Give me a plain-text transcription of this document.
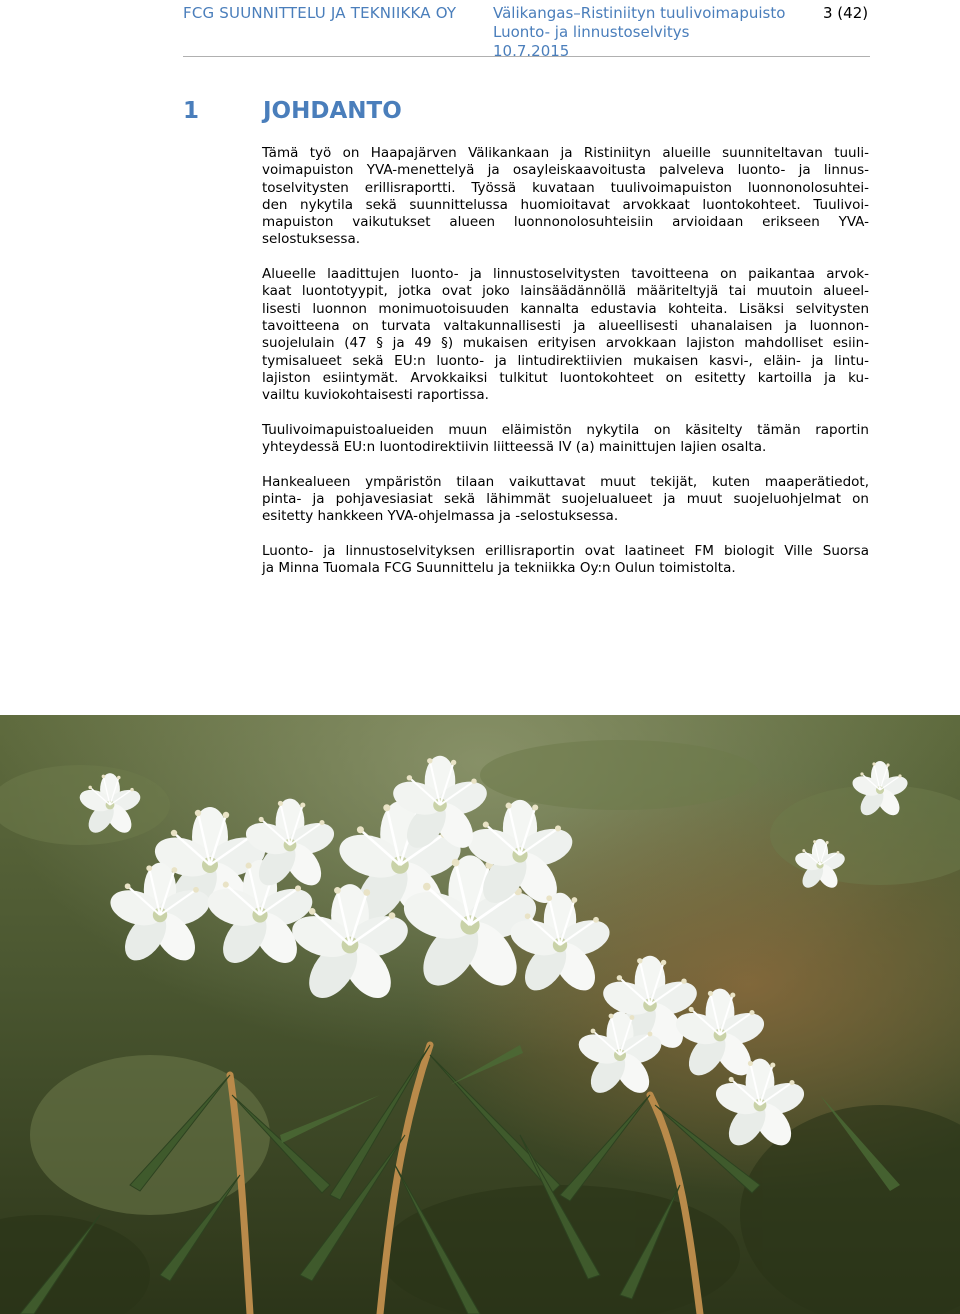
FCG SUUNNITTELU JA TEKNIIKKA OY Välikangas–Ristiniityn tuulivoimapuisto
Luonto- ja linnustoselvitys
10.7.2015
3 (42)
1	JOHDANTO

Tämä työ on Haapajärven Välikankaan ja Ristiniityn alueille suunniteltavan tuuli-
voimapuiston YVA-menettelyä ja osayleiskaavoitusta palveleva luonto- ja linnus-
toselvitysten erillisraportti. Työssä kuvataan tuulivoimapuiston luonnonolosuhtei-
den nykytila sekä suunnittelussa huomioitavat arvokkaat luontokohteet. Tuulivoi-
mapuiston vaikutukset alueen luonnonolosuhteisiin arvioidaan erikseen YVA-
selostuksessa.

Alueelle laadittujen luonto- ja linnustoselvitysten tavoitteena on paikantaa arvok-
kaat luontotyypit, jotka ovat joko lainsäädännöllä määriteltyjä tai muutoin alueel-
lisesti luonnon monimuotoisuuden kannalta edustavia kohteita. Lisäksi selvitysten
tavoitteena on turvata valtakunnallisesti ja alueellisesti uhanalaisen ja luonnon-
suojelulain (47 § ja 49 §) mukaisen erityisen arvokkaan lajiston mahdolliset esiin-
tymisalueet sekä EU:n luonto- ja lintudirektiivien mukaisen kasvi-, eläin- ja lintu-
lajiston esiintymät. Arvokkaiksi tulkitut luontokohteet on esitetty kartoilla ja ku-
vailtu kuviokohtaisesti raportissa.

Tuulivoimapuistoalueiden muun eläimistön nykytila on käsitelty tämän raportin
yhteydessä EU:n luontodirektiivin liitteessä IV (a) mainittujen lajien osalta.

Hankealueen ympäristön tilaan vaikuttavat muut tekijät, kuten maaperätiedot,
pinta- ja pohjavesiasiat sekä lähimmät suojelualueet ja muut suojeluohjelmat on
esitetty hankkeen YVA-ohjelmassa ja -selostuksessa.

Luonto- ja linnustoselvityksen erillisraportin ovat laatineet FM biologit Ville Suorsa
ja Minna Tuomala FCG Suunnittelu ja tekniikka Oy:n Oulun toimistolta.
